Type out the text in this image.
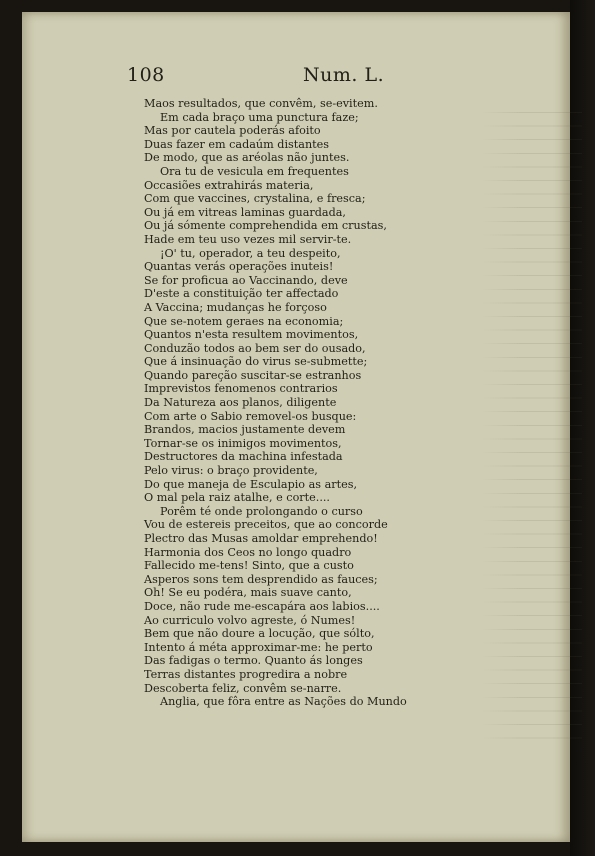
108	Num. L.
Maos resultados, que convêm, se-evitem.
Em cada braço uma punctura faze;
Mas por cautela poderás afoito
Duas fazer em cadaúm distantes
De modo, que as aréolas não juntes.
Ora tu de vesicula em frequentes
Occasiões extrahirás materia,
Com que vaccines, crystalina, e fresca;
Ou já em vitreas laminas guardada,
Ou já sómente comprehendida em crustas,
Hade em teu uso vezes mil servir-te.
¡O' tu, operador, a teu despeito,
Quantas verás operações inuteis!
Se for proficua ao Vaccinando, deve
D'este a constituição ter affectado
A Vaccina; mudanças he forçoso
Que se-notem geraes na economia;
Quantos n'esta resultem movimentos,
Conduzão todos ao bem ser do ousado,
Que á insinuação do virus se-submette;
Quando pareção suscitar-se estranhos
Imprevistos fenomenos contrarios
Da Natureza aos planos, diligente
Com arte o Sabio removel-os busque:
Brandos, macios justamente devem
Tornar-se os inimigos movimentos,
Destructores da machina infestada
Pelo virus: o braço providente,
Do que maneja de Esculapio as artes,
O mal pela raiz atalhe, e corte....
Porêm té onde prolongando o curso
Vou de estereis preceitos, que ao concorde
Plectro das Musas amoldar emprehendo!
Harmonia dos Ceos no longo quadro
Fallecido me-tens! Sinto, que a custo
Asperos sons tem desprendido as fauces;
Oh! Se eu podéra, mais suave canto,
Doce, não rude me-escapára aos labios....
Ao curriculo volvo agreste, ó Numes!
Bem que não doure a locução, que sólto,
Intento á méta approximar-me: he perto
Das fadigas o termo. Quanto ás longes
Terras distantes progredira a nobre
Descoberta feliz, convêm se-narre.
Anglia, que fôra entre as Nações do Mundo
